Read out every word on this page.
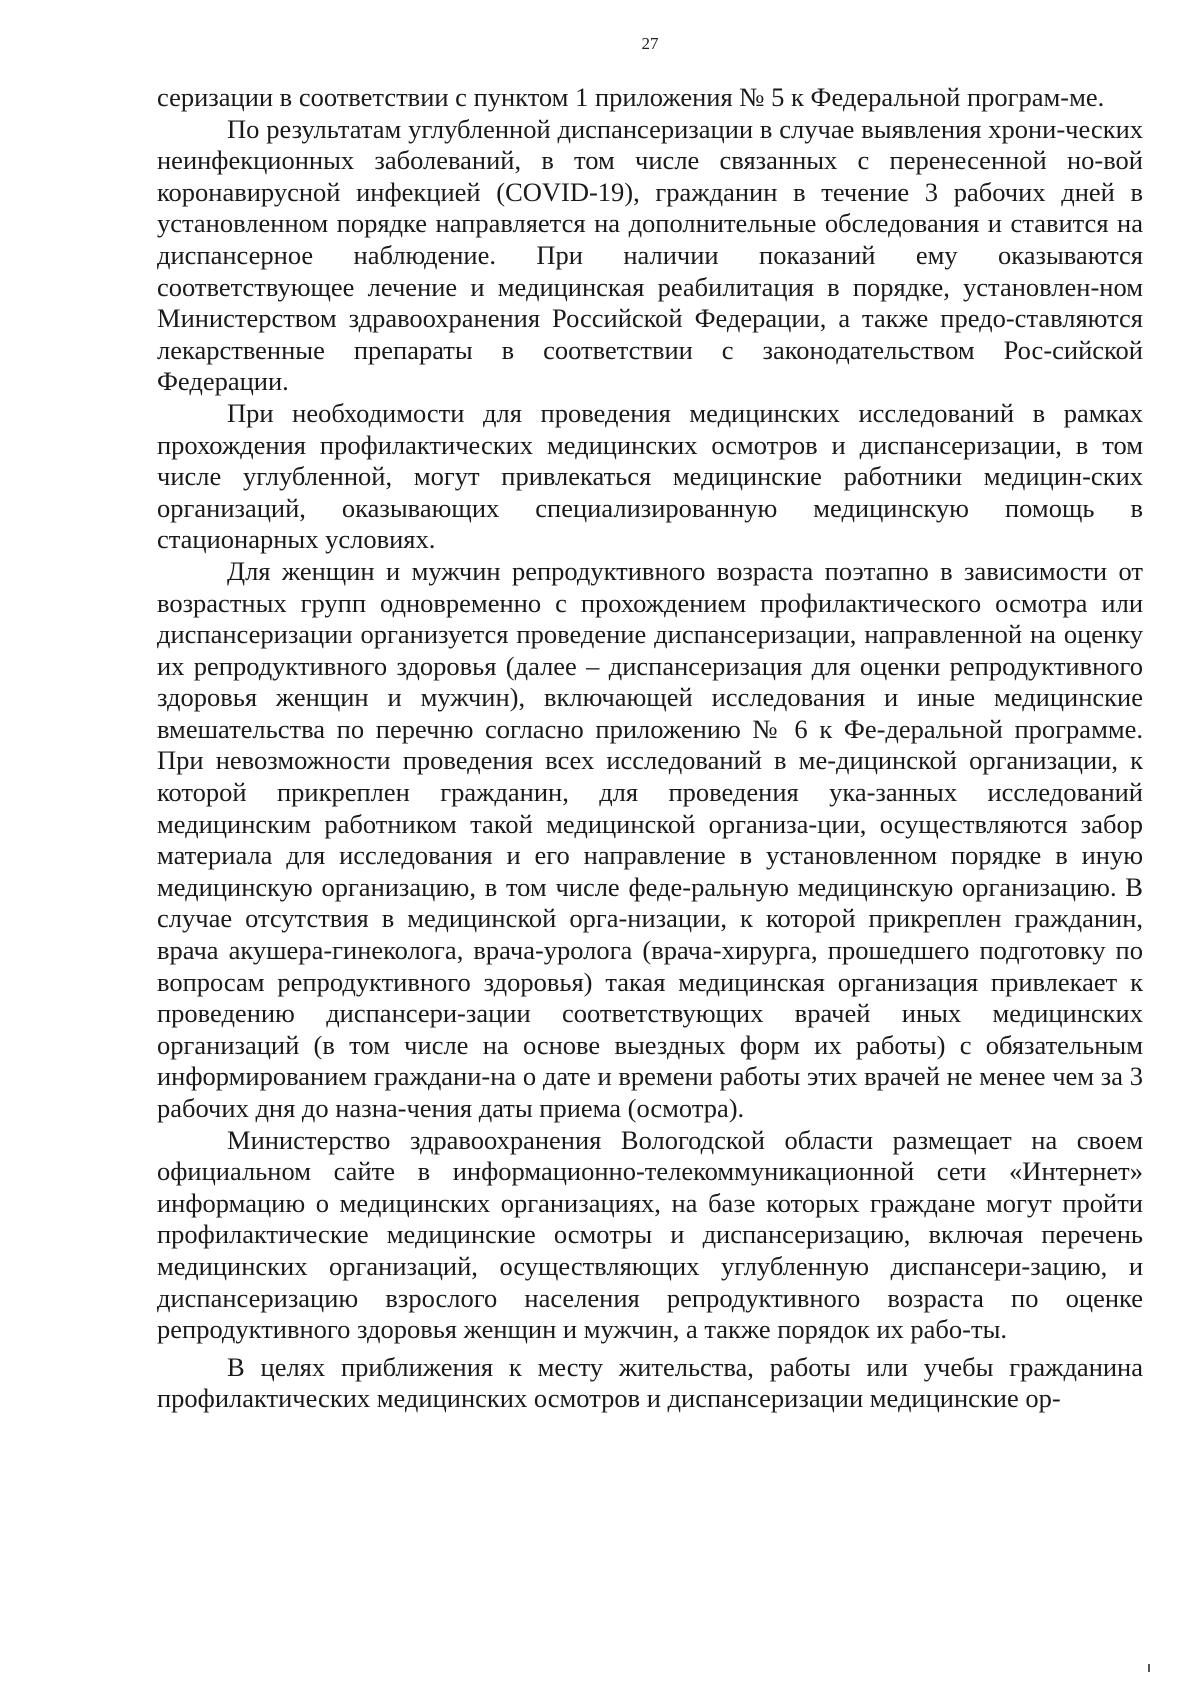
27

серизации в соответствии с пунктом 1 приложения № 5 к Федеральной програм-ме.

По результатам углубленной диспансеризации в случае выявления хрони-ческих неинфекционных заболеваний, в том числе связанных с перенесенной но-вой коронавирусной инфекцией (COVID-19), гражданин в течение 3 рабочих дней в установленном порядке направляется на дополнительные обследования и ставится на диспансерное наблюдение. При наличии показаний ему оказываются соответствующее лечение и медицинская реабилитация в порядке, установлен-ном Министерством здравоохранения Российской Федерации, а также предо-ставляются лекарственные препараты в соответствии с законодательством Рос-сийской Федерации.

При необходимости для проведения медицинских исследований в рамках прохождения профилактических медицинских осмотров и диспансеризации, в том числе углубленной, могут привлекаться медицинские работники медицин-ских организаций, оказывающих специализированную медицинскую помощь в стационарных условиях.

Для женщин и мужчин репродуктивного возраста поэтапно в зависимости от возрастных групп одновременно с прохождением профилактического осмотра или диспансеризации организуется проведение диспансеризации, направленной на оценку их репродуктивного здоровья (далее – диспансеризация для оценки репродуктивного здоровья женщин и мужчин), включающей исследования и иные медицинские вмешательства по перечню согласно приложению № 6 к Фе-деральной программе. При невозможности проведения всех исследований в ме-дицинской организации, к которой прикреплен гражданин, для проведения ука-занных исследований медицинским работником такой медицинской организа-ции, осуществляются забор материала для исследования и его направление в установленном порядке в иную медицинскую организацию, в том числе феде-ральную медицинскую организацию. В случае отсутствия в медицинской орга-низации, к которой прикреплен гражданин, врача акушера-гинеколога, врача-уролога (врача-хирурга, прошедшего подготовку по вопросам репродуктивного здоровья) такая медицинская организация привлекает к проведению диспансери-зации соответствующих врачей иных медицинских организаций (в том числе на основе выездных форм их работы) с обязательным информированием граждани-на о дате и времени работы этих врачей не менее чем за 3 рабочих дня до назна-чения даты приема (осмотра).

Министерство здравоохранения Вологодской области размещает на своем официальном сайте в информационно-телекоммуникационной сети «Интернет» информацию о медицинских организациях, на базе которых граждане могут пройти профилактические медицинские осмотры и диспансеризацию, включая перечень медицинских организаций, осуществляющих углубленную диспансери-зацию, и диспансеризацию взрослого населения репродуктивного возраста по оценке репродуктивного здоровья женщин и мужчин, а также порядок их рабо-ты.

В целях приближения к месту жительства, работы или учебы гражданина профилактических медицинских осмотров и диспансеризации медицинские ор-
